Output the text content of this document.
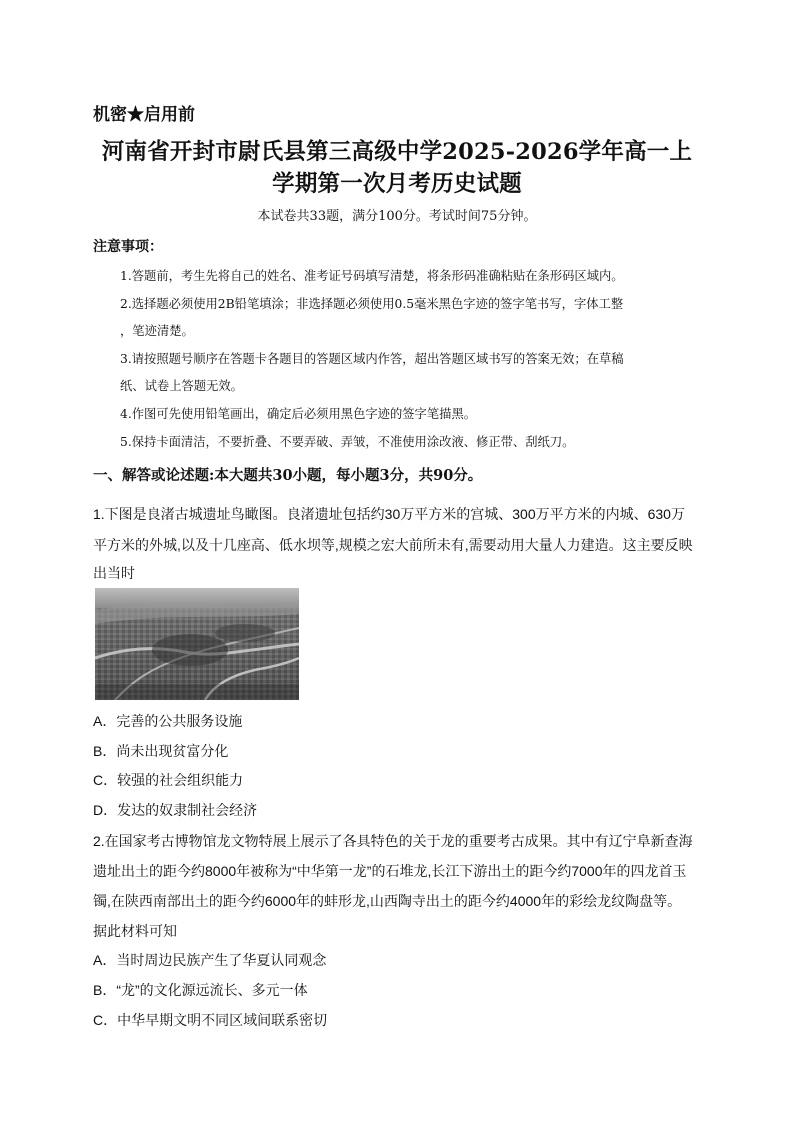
机密★启用前
河南省开封市尉氏县第三高级中学2025-2026学年高一上
学期第一次月考历史试题
本试卷共33题，满分100分。考试时间75分钟。
注意事项：
1.答题前，考生先将自己的姓名、准考证号码填写清楚，将条形码准确粘贴在条形码区域内。
2.选择题必须使用2B铅笔填涂；非选择题必须使用0.5毫米黑色字迹的签字笔书写，字体工整
，笔迹清楚。
3.请按照题号顺序在答题卡各题目的答题区域内作答，超出答题区域书写的答案无效；在草稿
纸、试卷上答题无效。
4.作图可先使用铅笔画出，确定后必须用黑色字迹的签字笔描黑。
5.保持卡面清洁，不要折叠、不要弄破、弄皱，不准使用涂改液、修正带、刮纸刀。
一、解答或论述题:本大题共30小题，每小题3分，共90分。
1.下图是良渚古城遗址鸟瞰图。良渚遗址包括约30万平方米的宫城、300万平方米的内城、630万
平方米的外城,以及十几座高、低水坝等,规模之宏大前所未有,需要动用大量人力建造。这主要反映
出当时
A．完善的公共服务设施
B．尚未出现贫富分化
C．较强的社会组织能力
D．发达的奴隶制社会经济
2.在国家考古博物馆龙文物特展上展示了各具特色的关于龙的重要考古成果。其中有辽宁阜新查海
遗址出土的距今约8000年被称为“中华第一龙”的石堆龙,长江下游出土的距今约7000年的四龙首玉
镯,在陕西南部出土的距今约6000年的蚌形龙,山西陶寺出土的距今约4000年的彩绘龙纹陶盘等。
据此材料可知
A．当时周边民族产生了华夏认同观念
B．“龙”的文化源远流长、多元一体
C．中华早期文明不同区域间联系密切
